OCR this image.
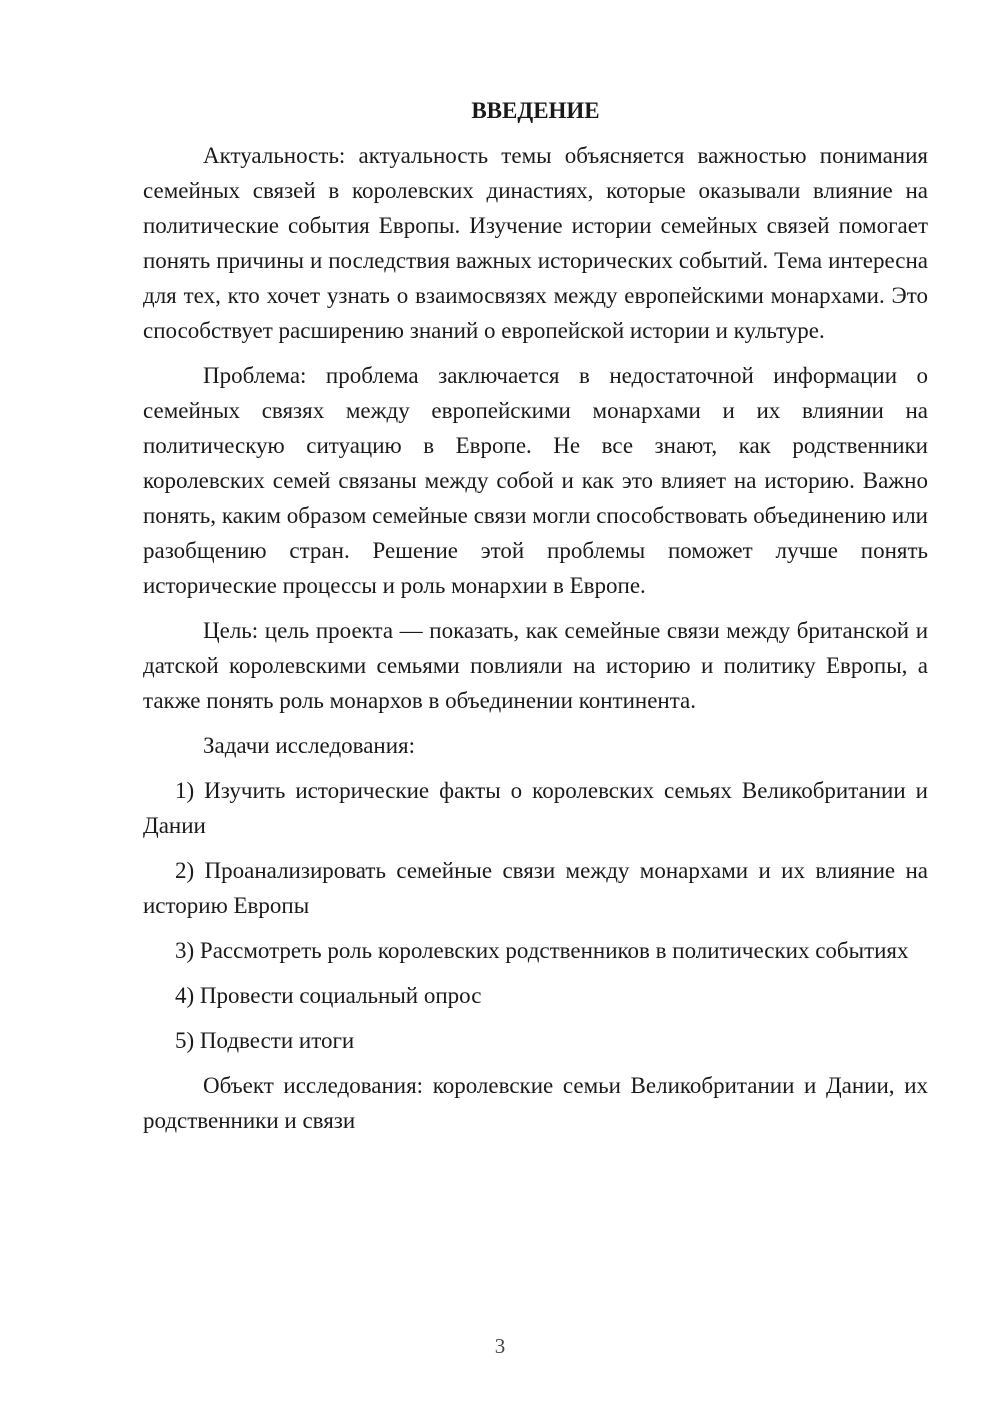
ВВЕДЕНИЕ

Актуальность: актуальность темы объясняется важностью понимания семейных связей в королевских династиях, которые оказывали влияние на политические события Европы. Изучение истории семейных связей помогает понять причины и последствия важных исторических событий. Тема интересна для тех, кто хочет узнать о взаимосвязях между европейскими монархами. Это способствует расширению знаний о европейской истории и культуре.

Проблема: проблема заключается в недостаточной информации о семейных связях между европейскими монархами и их влиянии на политическую ситуацию в Европе. Не все знают, как родственники королевских семей связаны между собой и как это влияет на историю. Важно понять, каким образом семейные связи могли способствовать объединению или разобщению стран. Решение этой проблемы поможет лучше понять исторические процессы и роль монархии в Европе.

Цель: цель проекта — показать, как семейные связи между британской и датской королевскими семьями повлияли на историю и политику Европы, а также понять роль монархов в объединении континента.

Задачи исследования:

1) Изучить исторические факты о королевских семьях Великобритании и Дании

2) Проанализировать семейные связи между монархами и их влияние на историю Европы

3) Рассмотреть роль королевских родственников в политических событиях

4) Провести социальный опрос

5) Подвести итоги

Объект исследования: королевские семьи Великобритании и Дании, их родственники и связи

3
